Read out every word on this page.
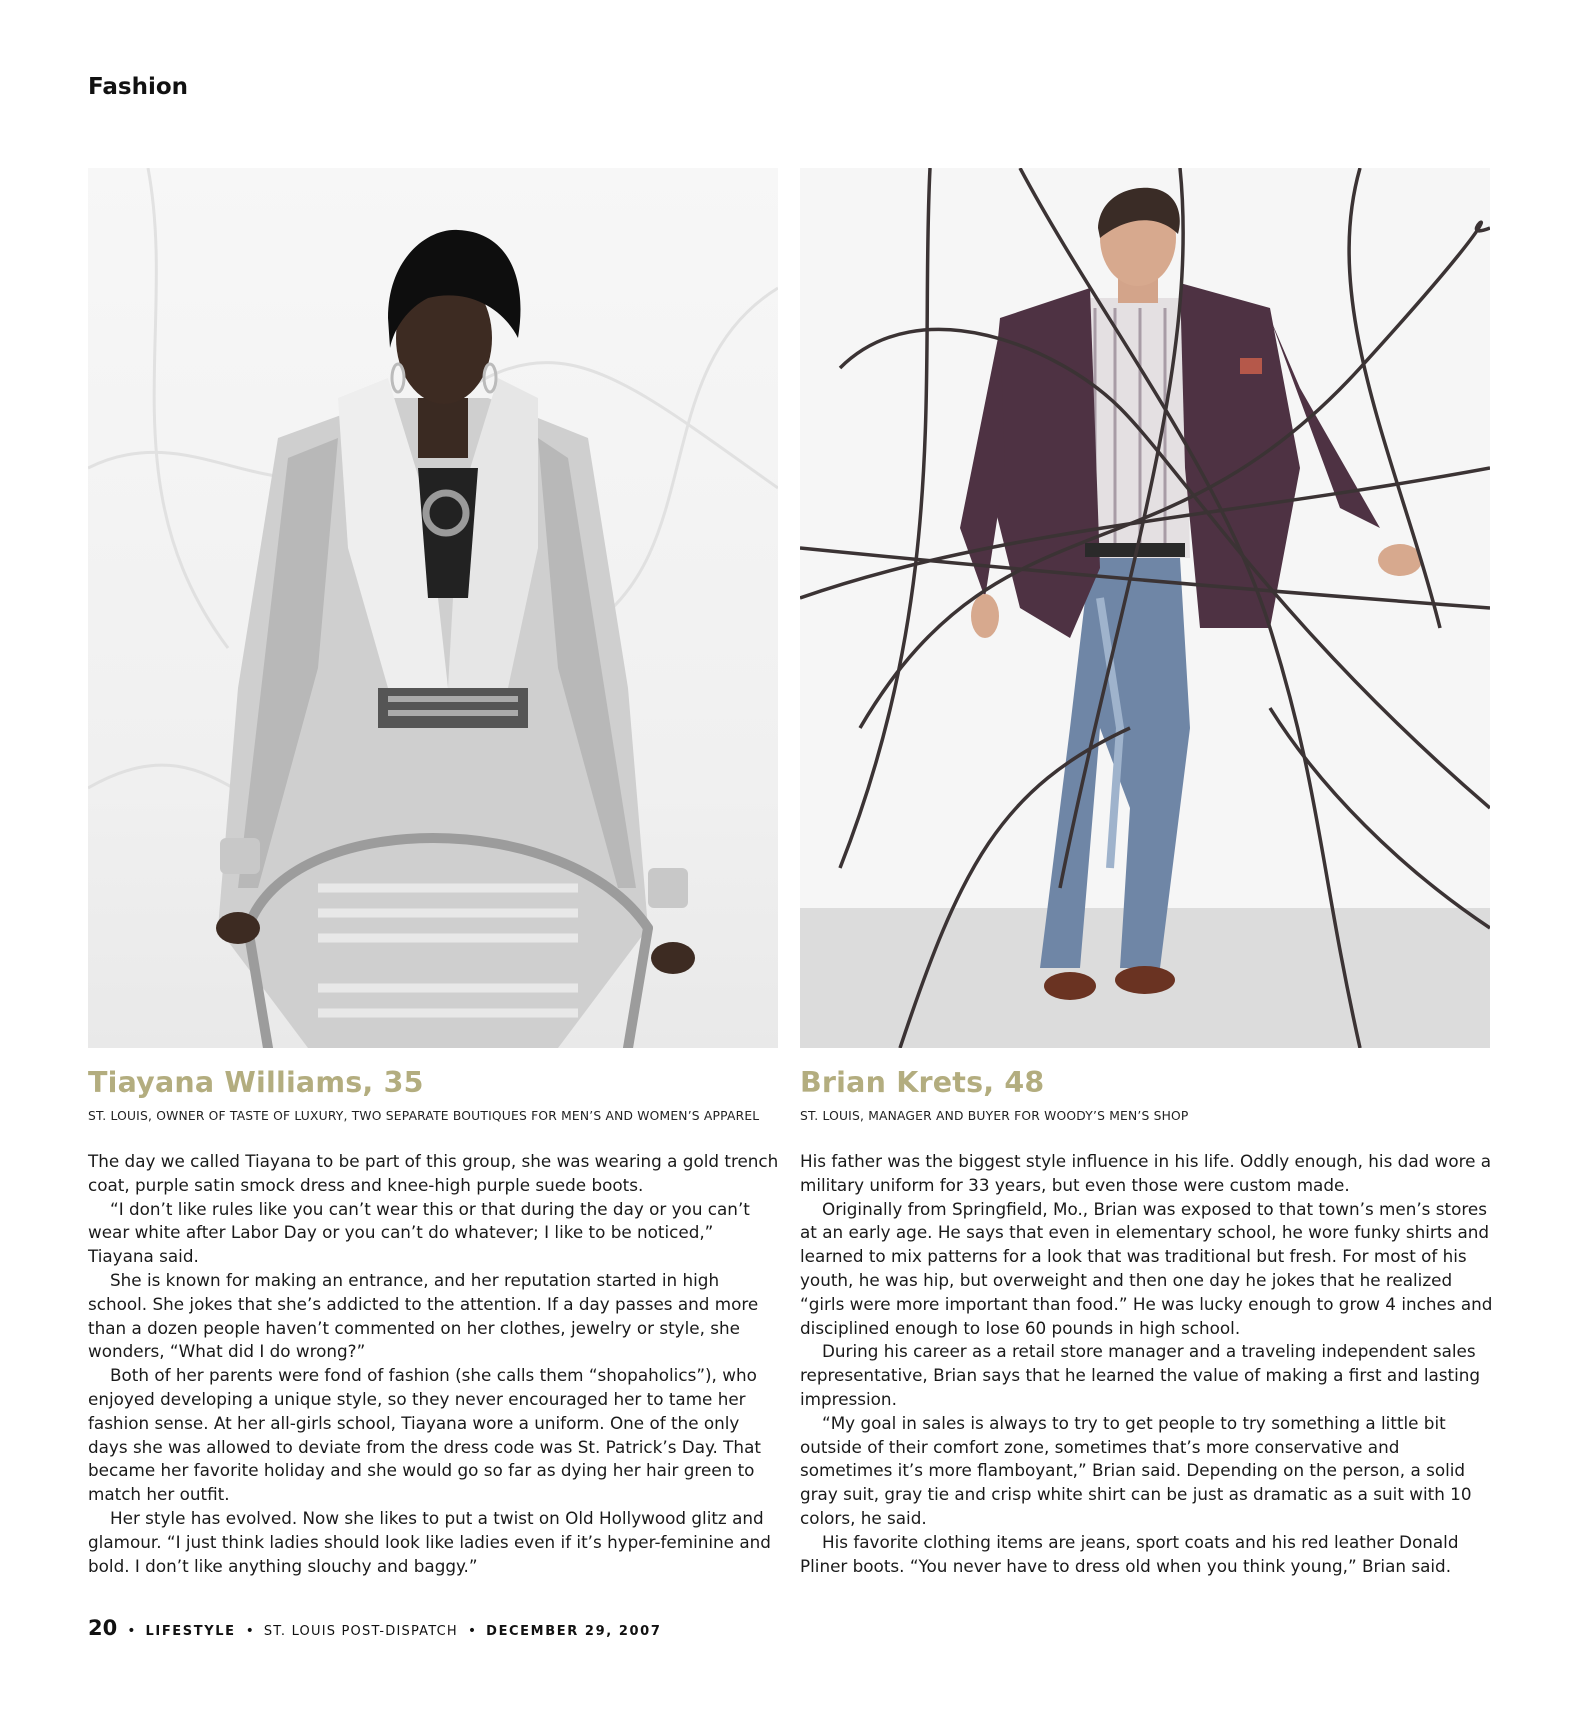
Fashion
Tiayana Williams, 35
ST. LOUIS, OWNER OF TASTE OF LUXURY, TWO SEPARATE BOUTIQUES FOR MEN’S AND WOMEN’S APPAREL
Brian Krets, 48
ST. LOUIS, MANAGER AND BUYER FOR WOODY’S MEN’S SHOP

The day we called Tiayana to be part of this group, she was wearing a gold trench coat, purple satin smock dress and knee-high purple suede boots.

“I don’t like rules like you can’t wear this or that during the day or you can’t wear white after Labor Day or you can’t do whatever; I like to be noticed,” Tiayana said.

She is known for making an entrance, and her reputation started in high school. She jokes that she’s addicted to the attention. If a day passes and more than a dozen people haven’t commented on her clothes, jewelry or style, she wonders, “What did I do wrong?”

Both of her parents were fond of fashion (she calls them “shopaholics”), who enjoyed developing a unique style, so they never encouraged her to tame her fashion sense. At her all-girls school, Tiayana wore a uniform. One of the only days she was allowed to deviate from the dress code was St. Patrick’s Day. That became her favorite holiday and she would go so far as dying her hair green to match her outfit.

Her style has evolved. Now she likes to put a twist on Old Hollywood glitz and glamour. “I just think ladies should look like ladies even if it’s hyper-feminine and bold. I don’t like anything slouchy and baggy.”

His father was the biggest style influence in his life. Oddly enough, his dad wore a military uniform for 33 years, but even those were custom made.

Originally from Springfield, Mo., Brian was exposed to that town’s men’s stores at an early age. He says that even in elementary school, he wore funky shirts and learned to mix patterns for a look that was traditional but fresh. For most of his youth, he was hip, but overweight and then one day he jokes that he realized “girls were more important than food.” He was lucky enough to grow 4 inches and disciplined enough to lose 60 pounds in high school.

During his career as a retail store manager and a traveling independent sales representative, Brian says that he learned the value of making a first and lasting impression.

“My goal in sales is always to try to get people to try something a little bit outside of their comfort zone, sometimes that’s more conservative and sometimes it’s more flamboyant,” Brian said. Depending on the person, a solid gray suit, gray tie and crisp white shirt can be just as dramatic as a suit with 10 colors, he said.

His favorite clothing items are jeans, sport coats and his red leather Donald Pliner boots. “You never have to dress old when you think young,” Brian said.

20 • LIFESTYLE • ST. LOUIS POST-DISPATCH • DECEMBER 29, 2007
